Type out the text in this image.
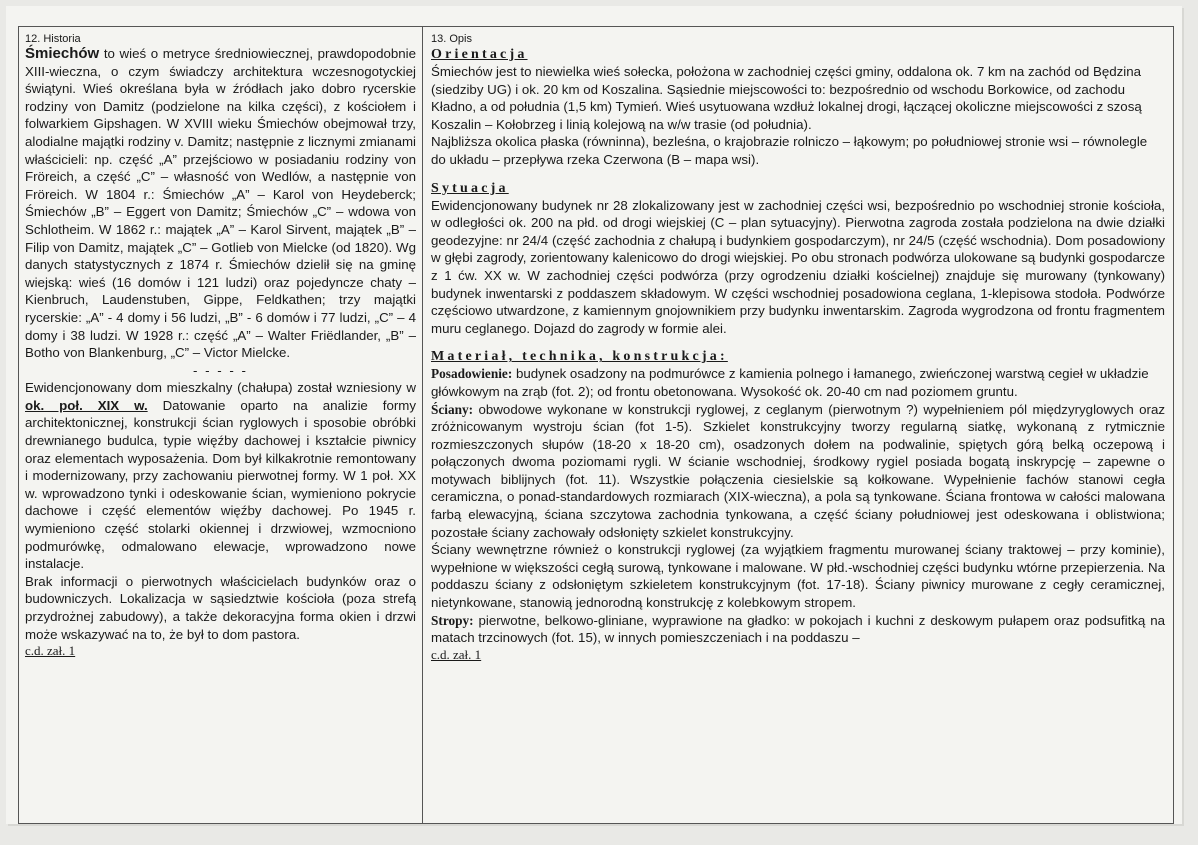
12. Historia

Śmiechów to wieś o metryce średniowiecznej, prawdopodobnie XIII-wieczna, o czym świadczy architektura wczesnogotyckiej świątyni. Wieś określana była w źródłach jako dobro rycerskie rodziny von Damitz (podzielone na kilka części), z kościołem i folwarkiem Gipshagen. W XVIII wieku Śmiechów obejmował trzy, alodialne majątki rodziny v. Damitz; następnie z licznymi zmianami właścicieli: np. część „A” przejściowo w posiadaniu rodziny von Fröreich, a część „C” – własność von Wedlów, a następnie von Fröreich. W 1804 r.: Śmiechów „A” – Karol von Heydeberck; Śmiechów „B” – Eggert von Damitz; Śmiechów „C” – wdowa von Schlotheim. W 1862 r.: majątek „A” – Karol Sirvent, majątek „B” – Filip von Damitz, majątek „C” – Gotlieb von Mielcke (od 1820). Wg danych statystycznych z 1874 r. Śmiechów dzielił się na gminę wiejską: wieś (16 domów i 121 ludzi) oraz pojedyncze chaty – Kienbruch, Laudenstuben, Gippe, Feldkathen; trzy majątki rycerskie: „A” - 4 domy i 56 ludzi, „B” - 6 domów i 77 ludzi, „C” – 4 domy i 38 ludzi. W 1928 r.: część „A” – Walter Friëdlander, „B” – Botho von Blankenburg, „C” – Victor Mielcke.

- - - - -

Ewidencjonowany dom mieszkalny (chałupa) został wzniesiony w ok. poł. XIX w. Datowanie oparto na analizie formy architektonicznej, konstrukcji ścian ryglowych i sposobie obróbki drewnianego budulca, typie więźby dachowej i kształcie piwnicy oraz elementach wyposażenia. Dom był kilkakrotnie remontowany i modernizowany, przy zachowaniu pierwotnej formy. W 1 poł. XX w. wprowadzono tynki i odeskowanie ścian, wymieniono pokrycie dachowe i część elementów więźby dachowej. Po 1945 r. wymieniono część stolarki okiennej i drzwiowej, wzmocniono podmurówkę, odmalowano elewacje, wprowadzono nowe instalacje.

Brak informacji o pierwotnych właścicielach budynków oraz o budowniczych. Lokalizacja w sąsiedztwie kościoła (poza strefą przydrożnej zabudowy), a także dekoracyjna forma okien i drzwi może wskazywać na to, że był to dom pastora.

c.d. zał. 1
13. Opis
Orientacja

Śmiechów jest to niewielka wieś sołecka, położona w zachodniej części gminy, oddalona ok. 7 km na zachód od Będzina (siedziby UG) i ok. 20 km od Koszalina. Sąsiednie miejscowości to: bezpośrednio od wschodu Borkowice, od zachodu Kładno, a od południa (1,5 km) Tymień. Wieś usytuowana wzdłuż lokalnej drogi, łączącej okoliczne miejscowości z szosą Koszalin – Kołobrzeg i linią kolejową na w/w trasie (od południa).

Najbliższa okolica płaska (równinna), bezleśna, o krajobrazie rolniczo – łąkowym; po południowej stronie wsi – równolegle do układu – przepływa rzeka Czerwona (B – mapa wsi).

Sytuacja

Ewidencjonowany budynek nr 28 zlokalizowany jest w zachodniej części wsi, bezpośrednio po wschodniej stronie kościoła, w odległości ok. 200 na płd. od drogi wiejskiej (C – plan sytuacyjny). Pierwotna zagroda została podzielona na dwie działki geodezyjne: nr 24/4 (część zachodnia z chałupą i budynkiem gospodarczym), nr 24/5 (część wschodnia). Dom posadowiony w głębi zagrody, zorientowany kalenicowo do drogi wiejskiej. Po obu stronach podwórza ulokowane są budynki gospodarcze z 1 ćw. XX w. W zachodniej części podwórza (przy ogrodzeniu działki kościelnej) znajduje się murowany (tynkowany) budynek inwentarski z poddaszem składowym. W części wschodniej posadowiona ceglana, 1-klepisowa stodoła. Podwórze częściowo utwardzone, z kamiennym gnojownikiem przy budynku inwentarskim. Zagroda wygrodzona od frontu fragmentem muru ceglanego. Dojazd do zagrody w formie alei.

Materiał, technika, konstrukcja:

Posadowienie: budynek osadzony na podmurówce z kamienia polnego i łamanego, zwieńczonej warstwą cegieł w układzie główkowym na zrąb (fot. 2); od frontu obetonowana. Wysokość ok. 20-40 cm nad poziomem gruntu.

Ściany: obwodowe wykonane w konstrukcji ryglowej, z ceglanym (pierwotnym ?) wypełnieniem pól międzyryglowych oraz zróżnicowanym wystroju ścian (fot 1-5). Szkielet konstrukcyjny tworzy regularną siatkę, wykonaną z rytmicznie rozmieszczonych słupów (18-20 x 18-20 cm), osadzonych dołem na podwalinie, spiętych górą belką oczepową i połączonych dwoma poziomami rygli. W ścianie wschodniej, środkowy rygiel posiada bogatą inskrypcję – zapewne o motywach biblijnych (fot. 11). Wszystkie połączenia ciesielskie są kołkowane. Wypełnienie fachów stanowi cegła ceramiczna, o ponad-standardowych rozmiarach (XIX-wieczna), a pola są tynkowane. Ściana frontowa w całości malowana farbą elewacyjną, ściana szczytowa zachodnia tynkowana, a część ściany południowej jest odeskowana i oblistwiona; pozostałe ściany zachowały odsłonięty szkielet konstrukcyjny.

Ściany wewnętrzne również o konstrukcji ryglowej (za wyjątkiem fragmentu murowanej ściany traktowej – przy kominie), wypełnione w większości cegłą surową, tynkowane i malowane. W płd.-wschodniej części budynku wtórne przepierzenia. Na poddaszu ściany z odsłoniętym szkieletem konstrukcyjnym (fot. 17-18). Ściany piwnicy murowane z cegły ceramicznej, nietynkowane, stanowią jednorodną konstrukcję z kolebkowym stropem.

Stropy: pierwotne, belkowo-gliniane, wyprawione na gładko: w pokojach i kuchni z deskowym pułapem oraz podsufitką na matach trzcinowych (fot. 15), w innych pomieszczeniach i na poddaszu –

c.d. zał. 1
